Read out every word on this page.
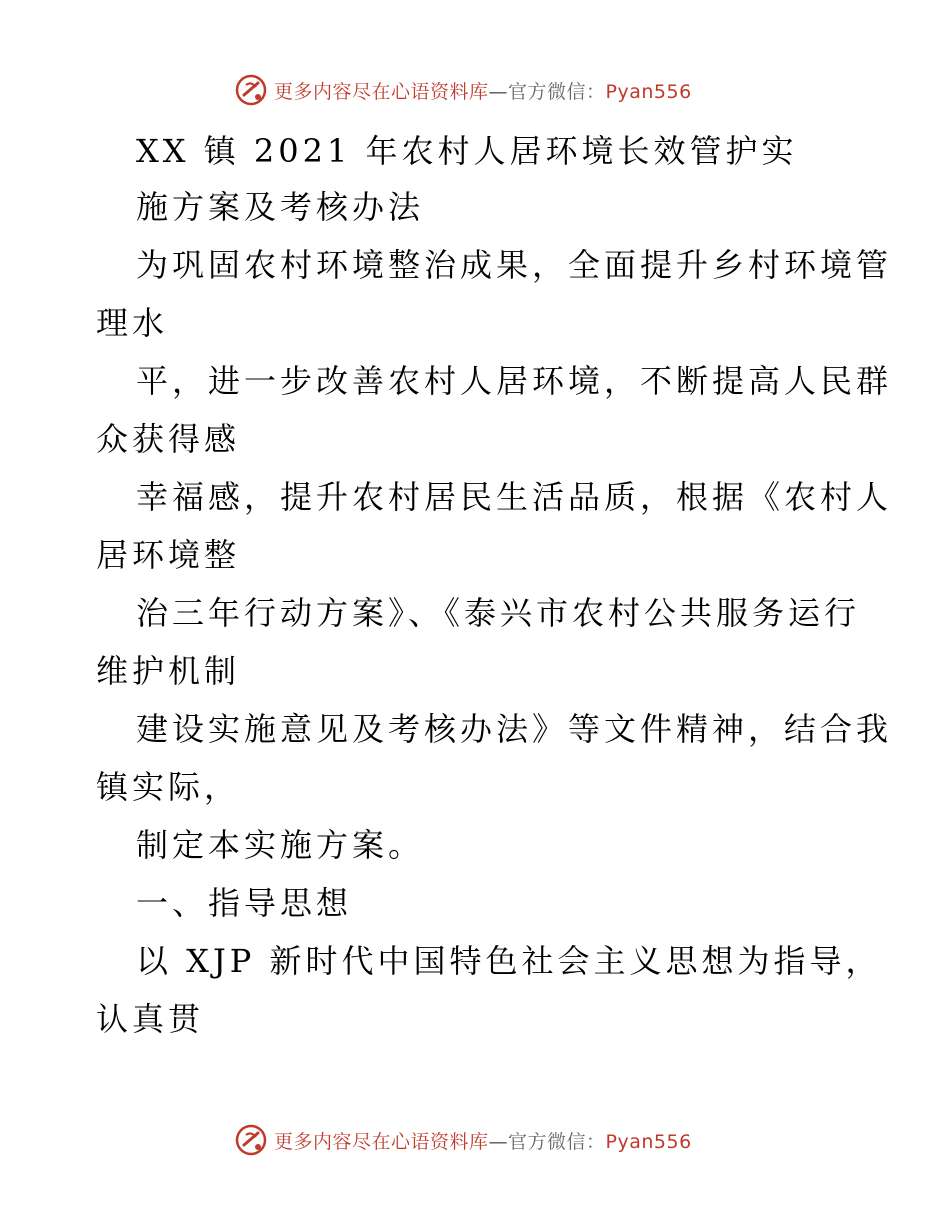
更多内容尽在心语资料库—官方微信：Pyan556
XX 镇 2021 年农村人居环境长效管护实
施方案及考核办法
为巩固农村环境整治成果，全面提升乡村环境管
理水
平，进一步改善农村人居环境，不断提高人民群
众获得感
幸福感，提升农村居民生活品质，根据《农村人
居环境整
治三年行动方案》、《泰兴市农村公共服务运行
维护机制
建设实施意见及考核办法》等文件精神，结合我
镇实际，
制定本实施方案。
一、指导思想
以 XJP 新时代中国特色社会主义思想为指导，
认真贯
更多内容尽在心语资料库—官方微信：Pyan556
